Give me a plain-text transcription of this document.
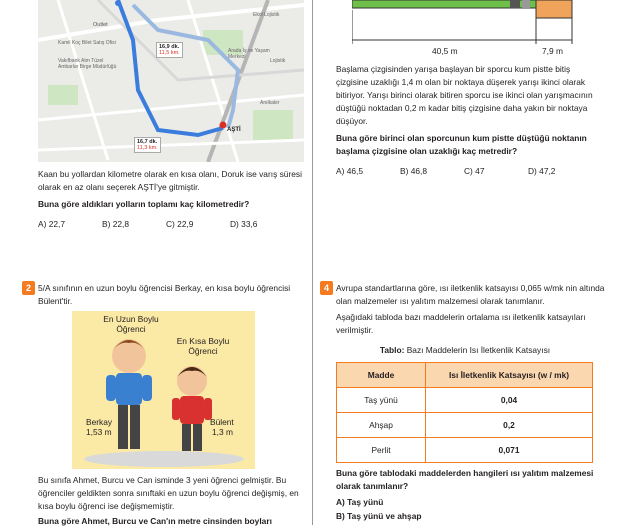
Outlet
Kamil Koç Bilet Satış Ofisi
Vakıfbank Atm Tüzel Ambarlar Birge Müdürlüğü
Arada İş ve Yaşam Merkezi
Ekol Lojistik
Anılkaler
Lojistik
AŞTİ
16,9 dk.
11,5 km.
16,7 dk.
11,3 km.

Kaan bu yollardan kilometre olarak en kısa olanı, Doruk ise varış süresi olarak en az olanı seçerek AŞTİ'ye gitmiştir.

Buna göre aldıkları yolların toplamı kaç kilometredir?

A) 22,7	B) 22,8	C) 22,9	D) 33,6
2 5/A sınıfının en uzun boylu öğrencisi Berkay, en kısa boylu öğrencisi Bülent'tir.

En Uzun Boylu Öğrenci
En Kısa Boylu Öğrenci
Berkay
1,53 m
Bülent
1,3 m

Bu sınıfa Ahmet, Burcu ve Can isminde 3 yeni öğrenci gelmiştir. Bu öğrenciler geldikten sonra sınıftaki en uzun boylu öğrenci değişmiş, en kısa boylu öğrenci ise değişmemiştir.

Buna göre Ahmet, Burcu ve Can'ın metre cinsinden boyları

40,5 m	7,9 m

Başlama çizgisinden yarışa başlayan bir sporcu kum pistte bitiş çizgisine uzaklığı 1,4 m olan bir noktaya düşerek yarışı ikinci olarak bitiriyor. Yarışı birinci olarak bitiren sporcu ise ikinci olan yarışmacının düştüğü noktadan 0,2 m kadar bitiş çizgisine daha yakın bir noktaya düşüyor.

Buna göre birinci olan sporcunun kum pistte düştüğü noktanın başlama çizgisine olan uzaklığı kaç metredir?

A) 46,5	B) 46,8	C) 47	D) 47,2
4 Avrupa standartlarına göre, ısı iletkenlik katsayısı 0,065 w/mk nin altında olan malzemeler ısı yalıtım malzemesi olarak tanımlanır.

Aşağıdaki tabloda bazı maddelerin ortalama ısı iletkenlik katsayıları verilmiştir.

Tablo: Bazı Maddelerin Isı İletkenlik Katsayısı
Madde	Isı İletkenlik Katsayısı (w / mk)
Taş yünü	0,04
Ahşap	0,2
Perlit	0,071

Buna göre tablodaki maddelerden hangileri ısı yalıtım malzemesi olarak tanımlanır?

A) Taş yünü
B) Taş yünü ve ahşap
